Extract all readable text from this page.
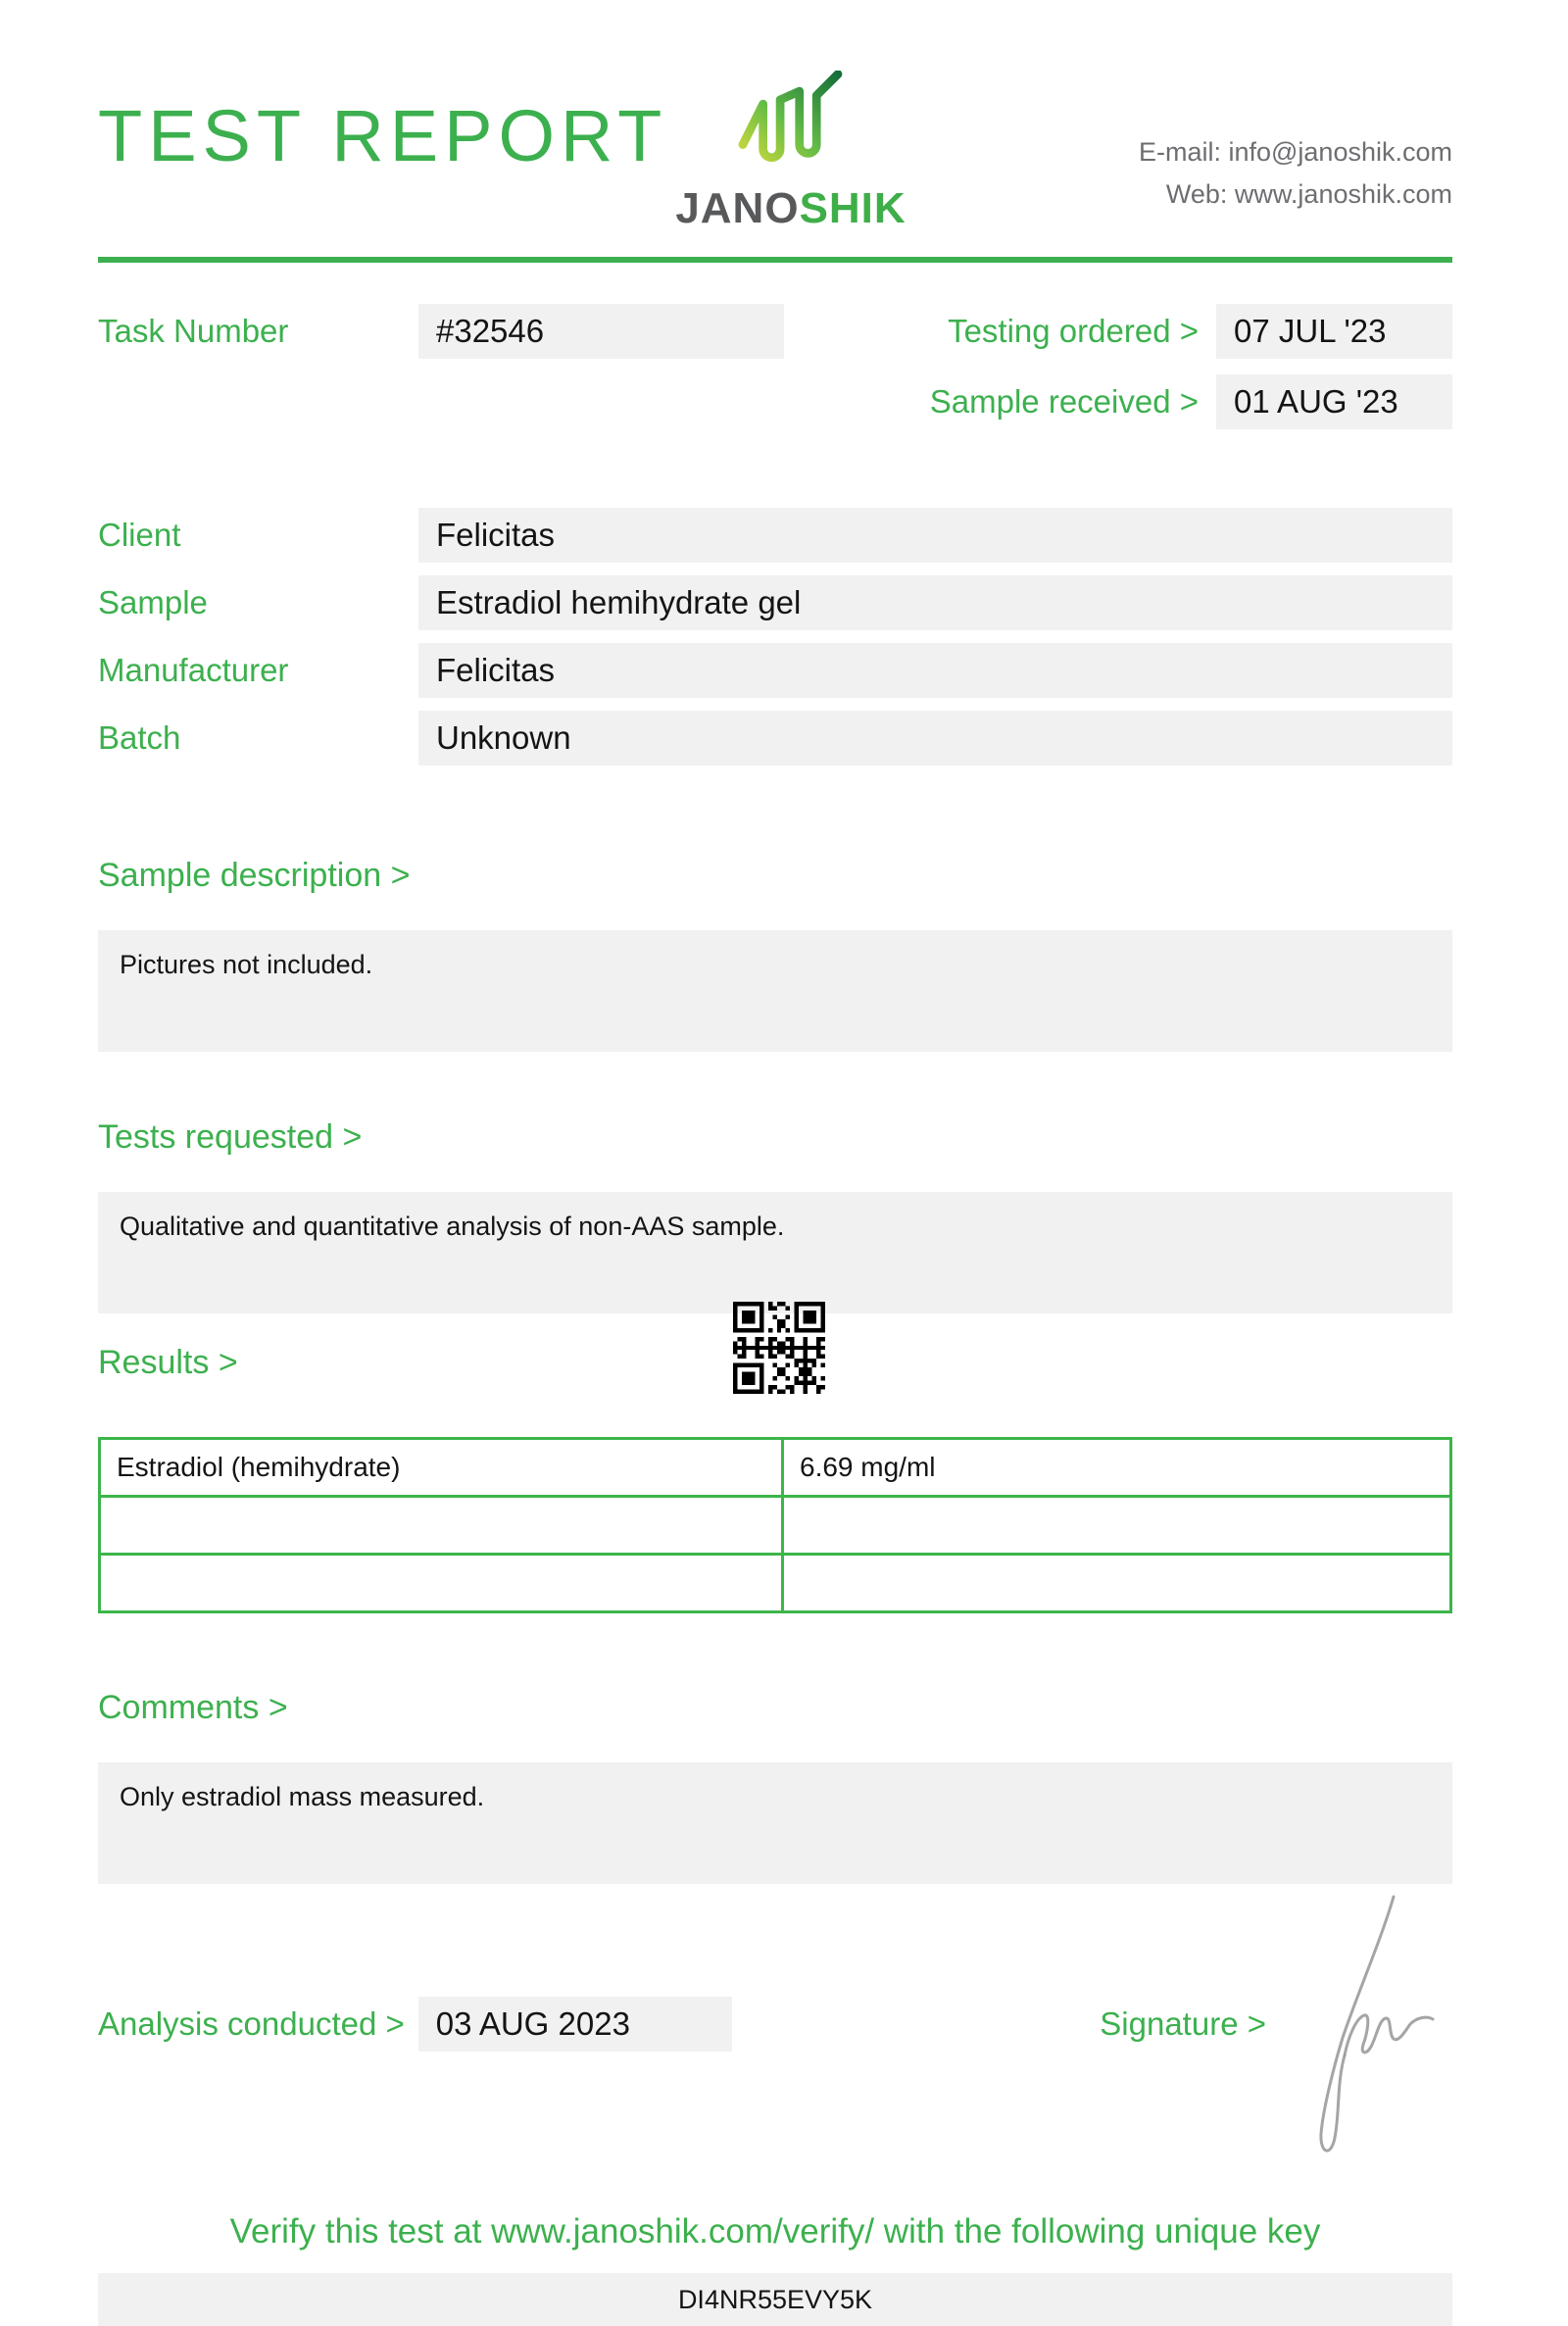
TEST REPORT
JANOSHIK
E-mail: info@janoshik.com
Web: www.janoshik.com
Task Number	#32546	Testing ordered >	07 JUL '23
Sample received >	01 AUG '23
Client	Felicitas
Sample	Estradiol hemihydrate gel
Manufacturer	Felicitas
Batch	Unknown
Sample description >
Pictures not included.
Tests requested >
Qualitative and quantitative analysis of non-AAS sample.
Results >
Estradiol (hemihydrate)	6.69 mg/ml
Comments >
Only estradiol mass measured.
Analysis conducted > 03 AUG 2023	Signature >
Verify this test at www.janoshik.com/verify/ with the following unique key
DI4NR55EVY5K
